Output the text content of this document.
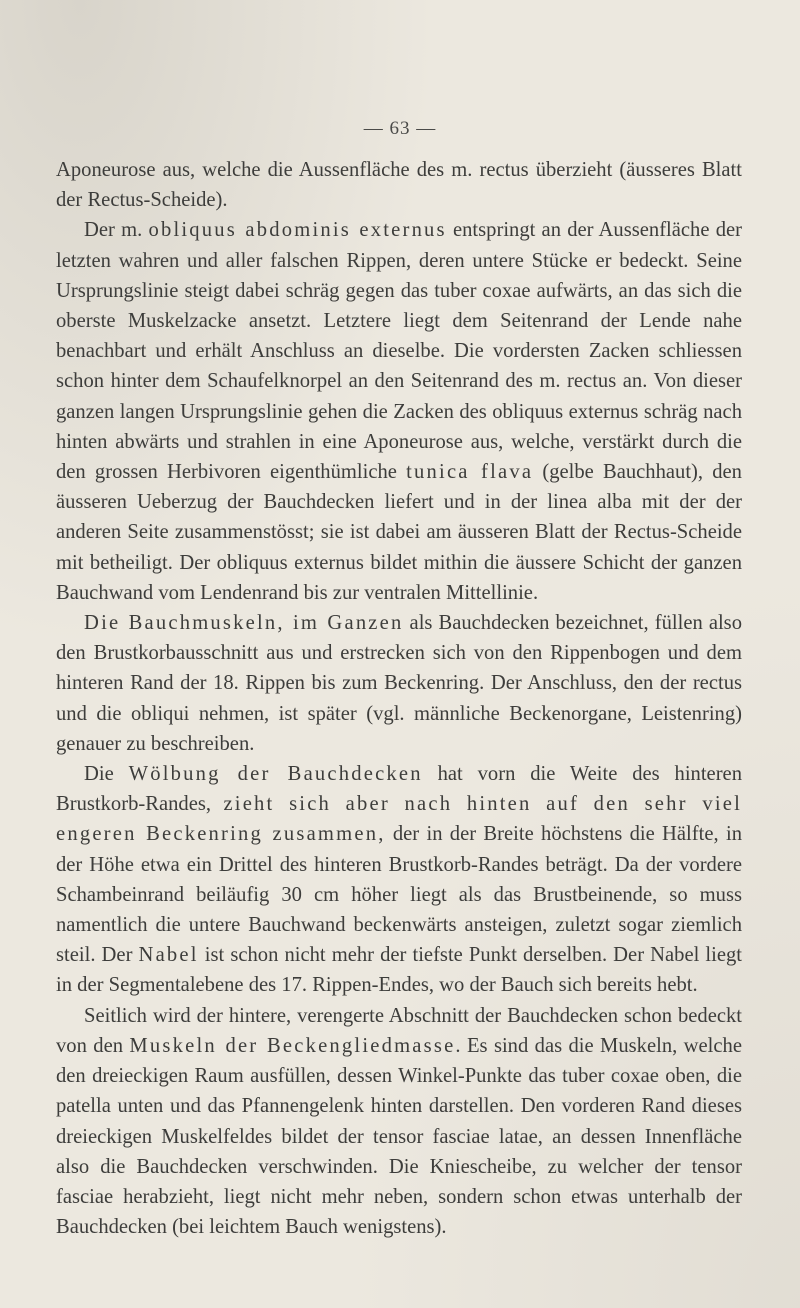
— 63 —

Aponeurose aus, welche die Aussenfläche des m. rectus überzieht (äusseres Blatt der Rectus-Scheide).

Der m. obliquus abdominis externus entspringt an der Aussenfläche der letzten wahren und aller falschen Rippen, deren untere Stücke er bedeckt. Seine Ursprungslinie steigt dabei schräg gegen das tuber coxae aufwärts, an das sich die oberste Muskelzacke ansetzt. Letztere liegt dem Seitenrand der Lende nahe benachbart und erhält Anschluss an dieselbe. Die vordersten Zacken schliessen schon hinter dem Schaufelknorpel an den Seitenrand des m. rectus an. Von dieser ganzen langen Ursprungslinie gehen die Zacken des obliquus externus schräg nach hinten abwärts und strahlen in eine Aponeurose aus, welche, verstärkt durch die den grossen Herbivoren eigenthümliche tunica flava (gelbe Bauchhaut), den äusseren Ueberzug der Bauchdecken liefert und in der linea alba mit der der anderen Seite zusammenstösst; sie ist dabei am äusseren Blatt der Rectus-Scheide mit betheiligt. Der obliquus externus bildet mithin die äussere Schicht der ganzen Bauchwand vom Lendenrand bis zur ventralen Mittellinie.

Die Bauchmuskeln, im Ganzen als Bauchdecken bezeichnet, füllen also den Brustkorbausschnitt aus und erstrecken sich von den Rippenbogen und dem hinteren Rand der 18. Rippen bis zum Beckenring. Der Anschluss, den der rectus und die obliqui nehmen, ist später (vgl. männliche Beckenorgane, Leistenring) genauer zu beschreiben.

Die Wölbung der Bauchdecken hat vorn die Weite des hinteren Brustkorb-Randes, zieht sich aber nach hinten auf den sehr viel engeren Beckenring zusammen, der in der Breite höchstens die Hälfte, in der Höhe etwa ein Drittel des hinteren Brustkorb-Randes beträgt. Da der vordere Schambeinrand beiläufig 30 cm höher liegt als das Brustbeinende, so muss namentlich die untere Bauchwand beckenwärts ansteigen, zuletzt sogar ziemlich steil. Der Nabel ist schon nicht mehr der tiefste Punkt derselben. Der Nabel liegt in der Segmentalebene des 17. Rippen-Endes, wo der Bauch sich bereits hebt.

Seitlich wird der hintere, verengerte Abschnitt der Bauchdecken schon bedeckt von den Muskeln der Beckengliedmasse. Es sind das die Muskeln, welche den dreieckigen Raum ausfüllen, dessen Winkel-Punkte das tuber coxae oben, die patella unten und das Pfannengelenk hinten darstellen. Den vorderen Rand dieses dreieckigen Muskelfeldes bildet der tensor fasciae latae, an dessen Innenfläche also die Bauchdecken verschwinden. Die Kniescheibe, zu welcher der tensor fasciae herabzieht, liegt nicht mehr neben, sondern schon etwas unterhalb der Bauchdecken (bei leichtem Bauch wenigstens).
